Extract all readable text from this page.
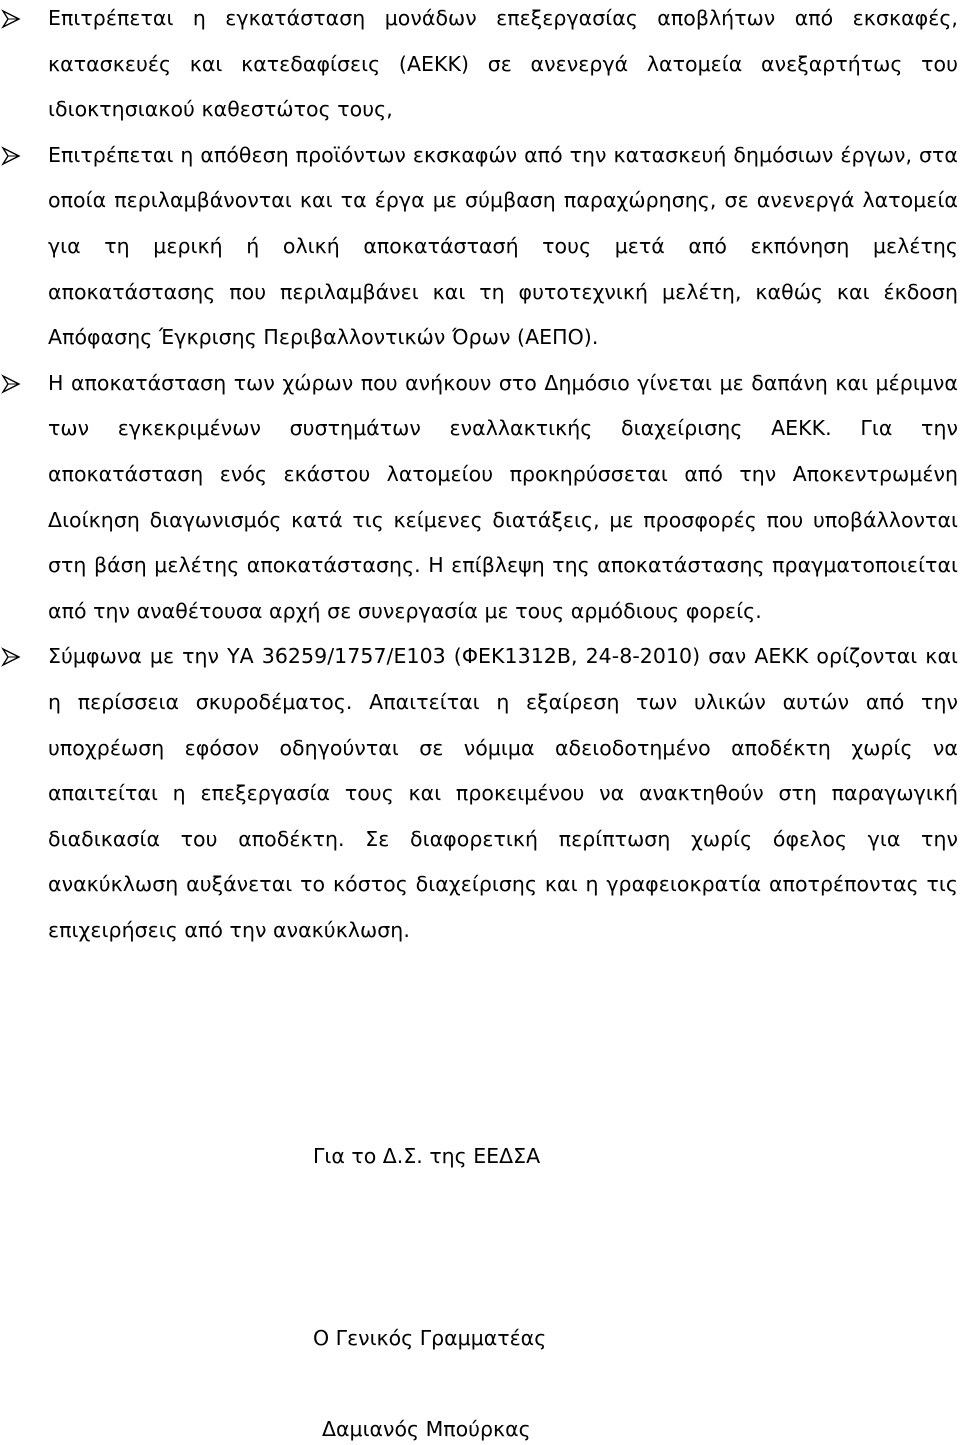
Επιτρέπεται η εγκατάσταση μονάδων επεξεργασίας αποβλήτων από εκσκαφές, κατασκευές και κατεδαφίσεις (ΑΕΚΚ) σε ανενεργά λατομεία ανεξαρτήτως του ιδιοκτησιακού καθεστώτος τους,
Επιτρέπεται η απόθεση προϊόντων εκσκαφών από την κατασκευή δημόσιων έργων, στα οποία περιλαμβάνονται και τα έργα με σύμβαση παραχώρησης, σε ανενεργά λατομεία για τη μερική ή ολική αποκατάστασή τους μετά από εκπόνηση μελέτης αποκατάστασης που περιλαμβάνει και τη φυτοτεχνική μελέτη, καθώς και έκδοση Απόφασης Έγκρισης Περιβαλλοντικών Όρων (ΑΕΠΟ).
Η αποκατάσταση των χώρων που ανήκουν στο Δημόσιο γίνεται με δαπάνη και μέριμνα των εγκεκριμένων συστημάτων εναλλακτικής διαχείρισης ΑΕΚΚ. Για την αποκατάσταση ενός εκάστου λατομείου προκηρύσσεται από την Αποκεντρωμένη Διοίκηση διαγωνισμός κατά τις κείμενες διατάξεις, με προσφορές που υποβάλλονται στη βάση μελέτης αποκατάστασης. Η επίβλεψη της αποκατάστασης πραγματοποιείται από την αναθέτουσα αρχή σε συνεργασία με τους αρμόδιους φορείς.
Σύμφωνα με την ΥΑ 36259/1757/Ε103 (ΦΕΚ1312Β, 24-8-2010) σαν ΑΕΚΚ ορίζονται και η περίσσεια σκυροδέματος. Απαιτείται η εξαίρεση των υλικών αυτών από την υποχρέωση εφόσον οδηγούνται σε νόμιμα αδειοδοτημένο αποδέκτη χωρίς να απαιτείται η επεξεργασία τους και προκειμένου να ανακτηθούν στη παραγωγική διαδικασία του αποδέκτη. Σε διαφορετική περίπτωση χωρίς όφελος για την ανακύκλωση αυξάνεται το κόστος διαχείρισης και η γραφειοκρατία αποτρέποντας τις επιχειρήσεις από την ανακύκλωση.
Για το Δ.Σ. της ΕΕΔΣΑ
Ο Γενικός Γραμματέας
Δαμιανός Μπούρκας
